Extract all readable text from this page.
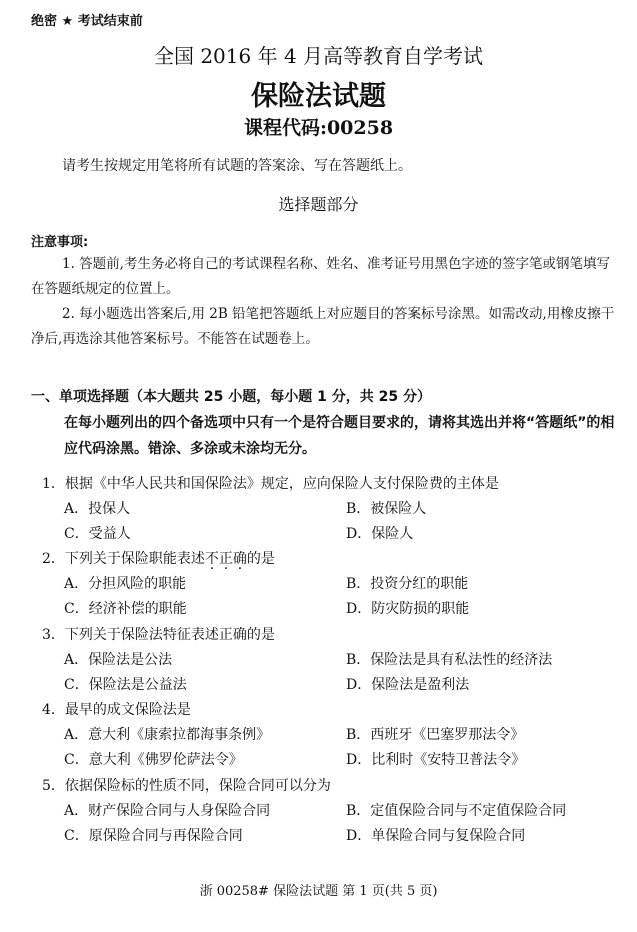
绝密 ★ 考试结束前
全国 2016 年 4 月高等教育自学考试
保险法试题
课程代码:00258
请考生按规定用笔将所有试题的答案涂、写在答题纸上。
选择题部分
注意事项:
1. 答题前,考生务必将自己的考试课程名称、姓名、准考证号用黑色字迹的签字笔或钢笔填写在答题纸规定的位置上。
2. 每小题选出答案后,用 2B 铅笔把答题纸上对应题目的答案标号涂黑。如需改动,用橡皮擦干净后,再选涂其他答案标号。不能答在试题卷上。
一、单项选择题（本大题共 25 小题，每小题 1 分，共 25 分）
在每小题列出的四个备选项中只有一个是符合题目要求的，请将其选出并将“答题纸”的相应代码涂黑。错涂、多涂或未涂均无分。
1．根据《中华人民共和国保险法》规定，应向保险人支付保险费的主体是
A．投保人	B．被保险人
C．受益人	D．保险人
2．下列关于保险职能表述不正确的是
A．分担风险的职能	B．投资分红的职能
C．经济补偿的职能	D．防灾防损的职能
3．下列关于保险法特征表述正确的是
A．保险法是公法	B．保险法是具有私法性的经济法
C．保险法是公益法	D．保险法是盈利法
4．最早的成文保险法是
A．意大利《康索拉都海事条例》	B．西班牙《巴塞罗那法令》
C．意大利《佛罗伦萨法令》	D．比利时《安特卫普法令》
5．依据保险标的性质不同，保险合同可以分为
A．财产保险合同与人身保险合同	B．定值保险合同与不定值保险合同
C．原保险合同与再保险合同	D．单保险合同与复保险合同
浙 00258# 保险法试题 第 1 页(共 5 页)
